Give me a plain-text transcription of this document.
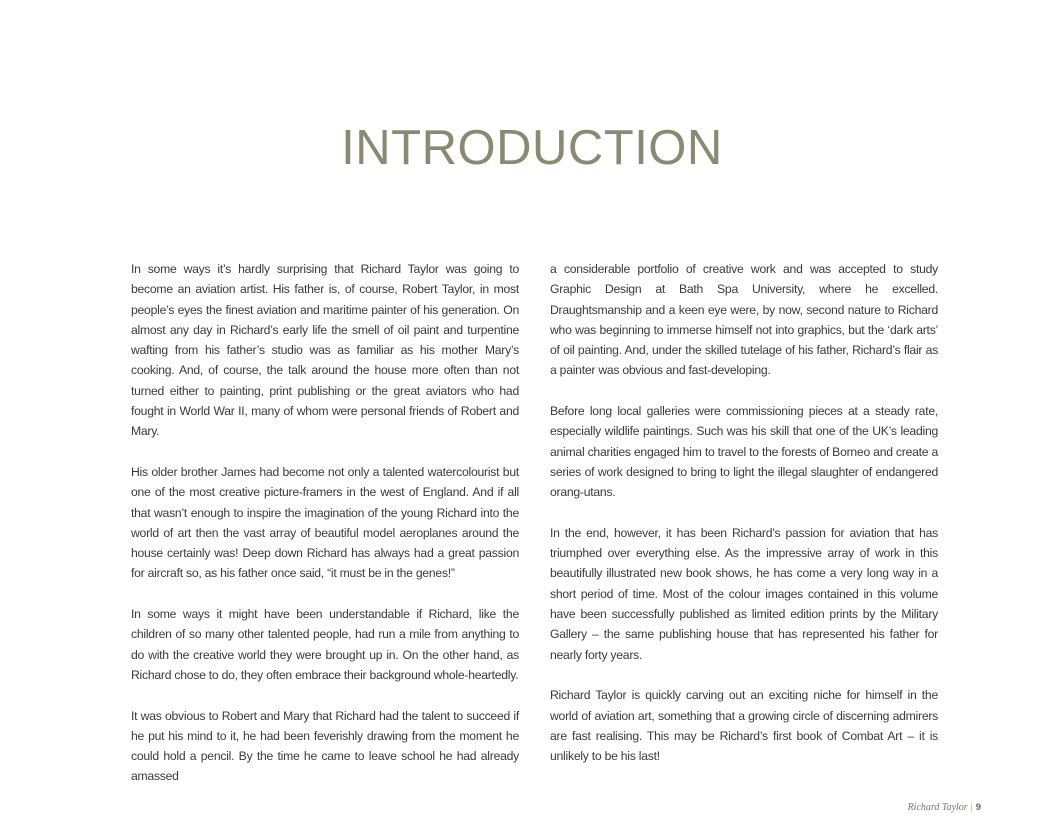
INTRODUCTION

In some ways it’s hardly surprising that Richard Taylor was going to become an aviation artist. His father is, of course, Robert Taylor, in most people’s eyes the finest aviation and maritime painter of his generation. On almost any day in Richard’s early life the smell of oil paint and turpentine wafting from his father’s studio was as familiar as his mother Mary’s cooking. And, of course, the talk around the house more often than not turned either to painting, print publishing or the great aviators who had fought in World War II, many of whom were personal friends of Robert and Mary.

His older brother James had become not only a talented watercolourist but one of the most creative picture-framers in the west of England. And if all that wasn’t enough to inspire the imagination of the young Richard into the world of art then the vast array of beautiful model aeroplanes around the house certainly was! Deep down Richard has always had a great passion for aircraft so, as his father once said, “it must be in the genes!”

In some ways it might have been understandable if Richard, like the children of so many other talented people, had run a mile from anything to do with the creative world they were brought up in. On the other hand, as Richard chose to do, they often embrace their background whole-heartedly.

It was obvious to Robert and Mary that Richard had the talent to succeed if he put his mind to it, he had been feverishly drawing from the moment he could hold a pencil. By the time he came to leave school he had already amassed

a considerable portfolio of creative work and was accepted to study Graphic Design at Bath Spa University, where he excelled. Draughtsmanship and a keen eye were, by now, second nature to Richard who was beginning to immerse himself not into graphics, but the ‘dark arts’ of oil painting. And, under the skilled tutelage of his father, Richard’s flair as a painter was obvious and fast-developing.

Before long local galleries were commissioning pieces at a steady rate, especially wildlife paintings. Such was his skill that one of the UK’s leading animal charities engaged him to travel to the forests of Borneo and create a series of work designed to bring to light the illegal slaughter of endangered orang-utans.

In the end, however, it has been Richard’s passion for aviation that has triumphed over everything else. As the impressive array of work in this beautifully illustrated new book shows, he has come a very long way in a short period of time. Most of the colour images contained in this volume have been successfully published as limited edition prints by the Military Gallery – the same publishing house that has represented his father for nearly forty years.

Richard Taylor is quickly carving out an exciting niche for himself in the world of aviation art, something that a growing circle of discerning admirers are fast realising. This may be Richard’s first book of Combat Art – it is unlikely to be his last!

Richard Taylor | 9
